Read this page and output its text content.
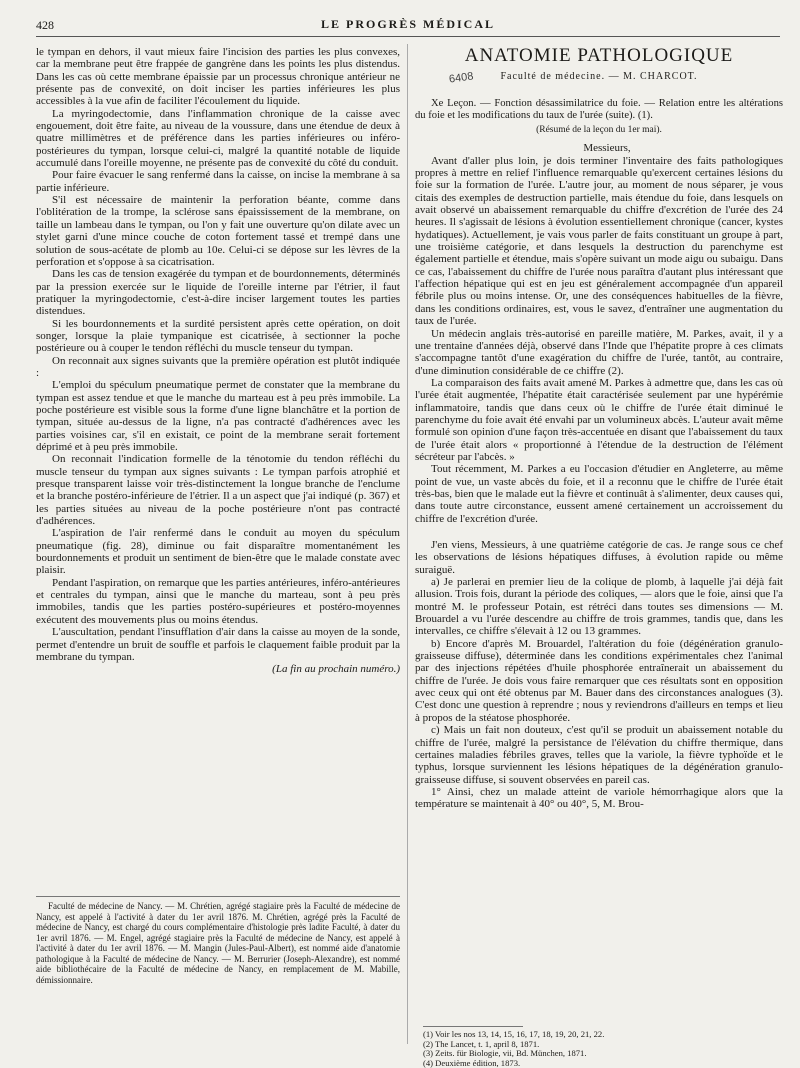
428	LE PROGRÈS MÉDICAL

le tympan en dehors, il vaut mieux faire l'incision des parties les plus convexes, car la membrane peut être frappée de gangrène dans les points les plus distendus. Dans les cas où cette membrane épaissie par un processus chronique antérieur ne présente pas de convexité, on doit inciser les parties inférieures les plus accessibles à la vue afin de faciliter l'écoulement du liquide.

La myringodectomie, dans l'inflammation chronique de la caisse avec engouement, doit être faite, au niveau de la voussure, dans une étendue de deux à quatre millimètres et de préférence dans les parties inférieures ou inféro-postérieures du tympan, lorsque celui-ci, malgré la quantité notable de liquide accumulé dans l'oreille moyenne, ne présente pas de convexité du côté du conduit.

Pour faire évacuer le sang renfermé dans la caisse, on incise la membrane à sa partie inférieure.

S'il est nécessaire de maintenir la perforation béante, comme dans l'oblitération de la trompe, la sclérose sans épaississement de la membrane, on taille un lambeau dans le tympan, ou l'on y fait une ouverture qu'on dilate avec un stylet garni d'une mince couche de coton fortement tassé et trempé dans une solution de sous-acétate de plomb au 10e. Celui-ci se dépose sur les lèvres de la perforation et s'oppose à sa cicatrisation.

Dans les cas de tension exagérée du tympan et de bourdonnements, déterminés par la pression exercée sur le liquide de l'oreille interne par l'étrier, il faut pratiquer la myringodectomie, c'est-à-dire inciser largement toutes les parties distendues.

Si les bourdonnements et la surdité persistent après cette opération, on doit songer, lorsque la plaie tympanique est cicatrisée, à sectionner la poche postérieure ou à couper le tendon réfléchi du muscle tenseur du tympan.

On reconnait aux signes suivants que la première opération est plutôt indiquée :

L'emploi du spéculum pneumatique permet de constater que la membrane du tympan est assez tendue et que le manche du marteau est à peu près immobile. La poche postérieure est visible sous la forme d'une ligne blanchâtre et la portion de tympan, située au-dessus de la ligne, n'a pas contracté d'adhérences avec les parties voisines car, s'il en existait, ce point de la membrane serait fortement déprimé et à peu près immobile.

On reconnait l'indication formelle de la ténotomie du tendon réfléchi du muscle tenseur du tympan aux signes suivants : Le tympan parfois atrophié et presque transparent laisse voir très-distinctement la longue branche de l'enclume et la branche postéro-inférieure de l'étrier. Il a un aspect que j'ai indiqué (p. 367) et les parties situées au niveau de la poche postérieure n'ont pas contracté d'adhérences.

L'aspiration de l'air renfermé dans le conduit au moyen du spéculum pneumatique (fig. 28), diminue ou fait disparaître momentanément les bourdonnements et produit un sentiment de bien-être que le malade constate avec plaisir.

Pendant l'aspiration, on remarque que les parties antérieures, inféro-antérieures et centrales du tympan, ainsi que le manche du marteau, sont à peu près immobiles, tandis que les parties postéro-supérieures et postéro-moyennes exécutent des mouvements plus ou moins étendus.

L'auscultation, pendant l'insufflation d'air dans la caisse au moyen de la sonde, permet d'entendre un bruit de souffle et parfois le claquement faible produit par la membrane du tympan.

(La fin au prochain numéro.)

Faculté de médecine de Nancy. — M. Chrétien, agrégé stagiaire près la Faculté de médecine de Nancy, est appelé à l'activité à dater du 1er avril 1876. M. Chrétien, agrégé près la Faculté de médecine de Nancy, est chargé du cours complémentaire d'histologie près ladite Faculté, à dater du 1er avril 1876. — M. Engel, agrégé stagiaire près la Faculté de médecine de Nancy, est appelé à l'activité à dater du 1er avril 1876. — M. Mangin (Jules-Paul-Albert), est nommé aide d'anatomie pathologique à la Faculté de médecine de Nancy. — M. Berrurier (Joseph-Alexandre), est nommé aide bibliothécaire de la Faculté de médecine de Nancy, en remplacement de M. Mabille, démissionnaire.

6408
ANATOMIE PATHOLOGIQUE
Faculté de médecine. — M. CHARCOT.

Xe Leçon. — Fonction désassimilatrice du foie. — Relation entre les altérations du foie et les modifications du taux de l'urée (suite). (1).

(Résumé de la leçon du 1er mai).

Messieurs,

Avant d'aller plus loin, je dois terminer l'inventaire des faits pathologiques propres à mettre en relief l'influence remarquable qu'exercent certaines lésions du foie sur la formation de l'urée. L'autre jour, au moment de nous séparer, je vous citais des exemples de destruction partielle, mais étendue du foie, dans lesquels on avait observé un abaissement remarquable du chiffre d'excrétion de l'urée des 24 heures. Il s'agissait de lésions à évolution essentiellement chronique (cancer, kystes hydatiques). Actuellement, je vais vous parler de faits constituant un groupe à part, une troisième catégorie, et dans lesquels la destruction du parenchyme est également partielle et étendue, mais s'opère suivant un mode aigu ou subaigu. Dans ce cas, l'abaissement du chiffre de l'urée nous paraîtra d'autant plus intéressant que l'affection hépatique qui est en jeu est généralement accompagnée d'un appareil fébrile plus ou moins intense. Or, une des conséquences habituelles de la fièvre, dans les conditions ordinaires, est, vous le savez, d'entraîner une augmentation du taux de l'urée.

Un médecin anglais très-autorisé en pareille matière, M. Parkes, avait, il y a une trentaine d'années déjà, observé dans l'Inde que l'hépatite propre à ces climats s'accompagne tantôt d'une exagération du chiffre de l'urée, tantôt, au contraire, d'une diminution considérable de ce chiffre (2).

La comparaison des faits avait amené M. Parkes à admettre que, dans les cas où l'urée était augmentée, l'hépatite était caractérisée seulement par une hypérémie inflammatoire, tandis que dans ceux où le chiffre de l'urée était diminué le parenchyme du foie avait été envahi par un volumineux abcès. L'auteur avait même formulé son opinion d'une façon très-accentuée en disant que l'abaissement du taux de l'urée était alors « proportionné à l'étendue de la destruction de l'élément sécréteur par l'abcès. »

Tout récemment, M. Parkes a eu l'occasion d'étudier en Angleterre, au même point de vue, un vaste abcès du foie, et il a reconnu que le chiffre de l'urée était très-bas, bien que le malade eut la fièvre et continuât à s'alimenter, deux causes qui, dans toute autre circonstance, eussent amené certainement un accroissement du chiffre de l'excrétion d'urée.

J'en viens, Messieurs, à une quatrième catégorie de cas. Je range sous ce chef les observations de lésions hépatiques diffuses, à évolution rapide ou même suraiguë.

a) Je parlerai en premier lieu de la colique de plomb, à laquelle j'ai déjà fait allusion. Trois fois, durant la période des coliques, — alors que le foie, ainsi que l'a montré M. le professeur Potain, est rétréci dans toutes ses dimensions — M. Brouardel a vu l'urée descendre au chiffre de trois grammes, tandis que, dans les intervalles, ce chiffre s'élevait à 12 ou 13 grammes.

b) Encore d'après M. Brouardel, l'altération du foie (dégénération granulo-graisseuse diffuse), déterminée dans les conditions expérimentales chez l'animal par des injections répétées d'huile phosphorée entraînerait un abaissement du chiffre de l'urée. Je dois vous faire remarquer que ces résultats sont en opposition avec ceux qui ont été obtenus par M. Bauer dans des circonstances analogues (3). C'est donc une question à reprendre ; nous y reviendrons d'ailleurs en temps et lieu à propos de la stéatose phosphorée.

c) Mais un fait non douteux, c'est qu'il se produit un abaissement notable du chiffre de l'urée, malgré la persistance de l'élévation du chiffre thermique, dans certaines maladies fébriles graves, telles que la variole, la fièvre typhoïde et le typhus, lorsque surviennent les lésions hépatiques de la dégénération granulo-graisseuse diffuse, si souvent observées en pareil cas.

1° Ainsi, chez un malade atteint de variole hémorrhagique alors que la température se maintenait à 40° ou 40°, 5, M. Brou-

(1) Voir les nos 13, 14, 15, 16, 17, 18, 19, 20, 21, 22.
(2) The Lancet, t. 1, april 8, 1871.
(3) Zeits. für Biologie, vii, Bd. München, 1871.
(4) Deuxième édition, 1873.
